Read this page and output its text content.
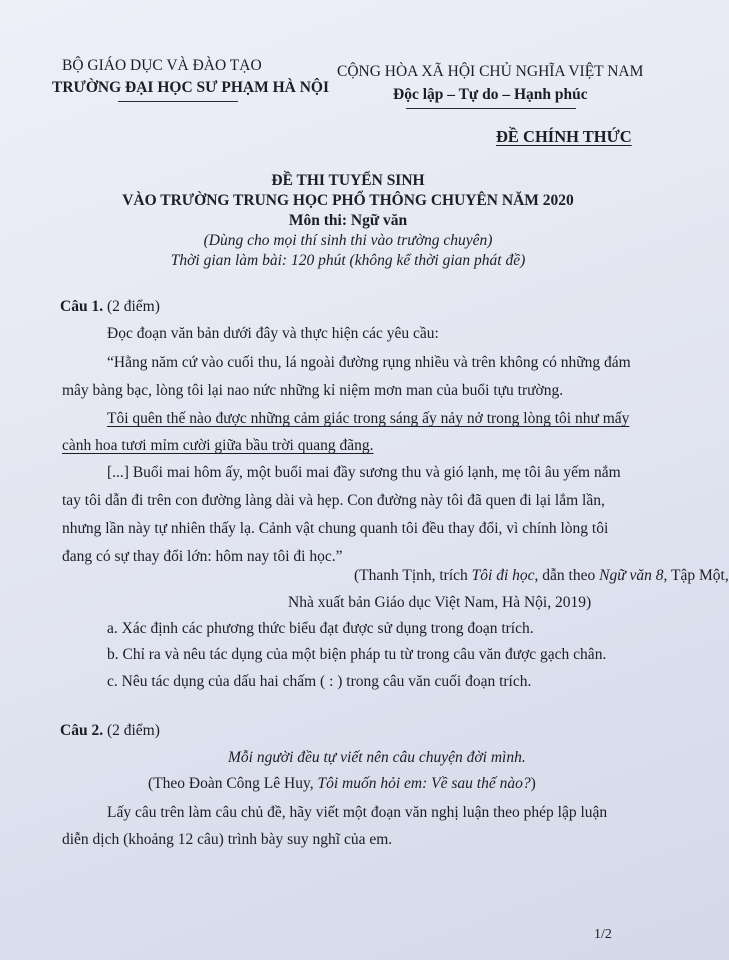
BỘ GIÁO DỤC VÀ ĐÀO TẠO
TRƯỜNG ĐẠI HỌC SƯ PHẠM HÀ NỘI
CỘNG HÒA XÃ HỘI CHỦ NGHĨA VIỆT NAM
Độc lập – Tự do – Hạnh phúc
ĐỀ CHÍNH THỨC
ĐỀ THI TUYỂN SINH
VÀO TRƯỜNG TRUNG HỌC PHỔ THÔNG CHUYÊN NĂM 2020
Môn thi: Ngữ văn
(Dùng cho mọi thí sinh thi vào trường chuyên)
Thời gian làm bài: 120 phút (không kể thời gian phát đề)
Câu 1. (2 điểm)
Đọc đoạn văn bản dưới đây và thực hiện các yêu cầu:
“Hằng năm cứ vào cuối thu, lá ngoài đường rụng nhiều và trên không có những đám
mây bàng bạc, lòng tôi lại nao nức những kỉ niệm mơn man của buổi tựu trường.
Tôi quên thế nào được những cảm giác trong sáng ấy nảy nở trong lòng tôi như mấy
cành hoa tươi mỉm cười giữa bầu trời quang đãng.
[...] Buổi mai hôm ấy, một buổi mai đầy sương thu và gió lạnh, mẹ tôi âu yếm nắm
tay tôi dẫn đi trên con đường làng dài và hẹp. Con đường này tôi đã quen đi lại lắm lần,
nhưng lần này tự nhiên thấy lạ. Cảnh vật chung quanh tôi đều thay đổi, vì chính lòng tôi
đang có sự thay đổi lớn: hôm nay tôi đi học.”
(Thanh Tịnh, trích Tôi đi học, dẫn theo Ngữ văn 8, Tập Một,
Nhà xuất bản Giáo dục Việt Nam, Hà Nội, 2019)
a. Xác định các phương thức biểu đạt được sử dụng trong đoạn trích.
b. Chỉ ra và nêu tác dụng của một biện pháp tu từ trong câu văn được gạch chân.
c. Nêu tác dụng của dấu hai chấm ( : ) trong câu văn cuối đoạn trích.
Câu 2. (2 điểm)
Mỗi người đều tự viết nên câu chuyện đời mình.
(Theo Đoàn Công Lê Huy, Tôi muốn hỏi em: Về sau thế nào?)
Lấy câu trên làm câu chủ đề, hãy viết một đoạn văn nghị luận theo phép lập luận
diễn dịch (khoảng 12 câu) trình bày suy nghĩ của em.
1/2
